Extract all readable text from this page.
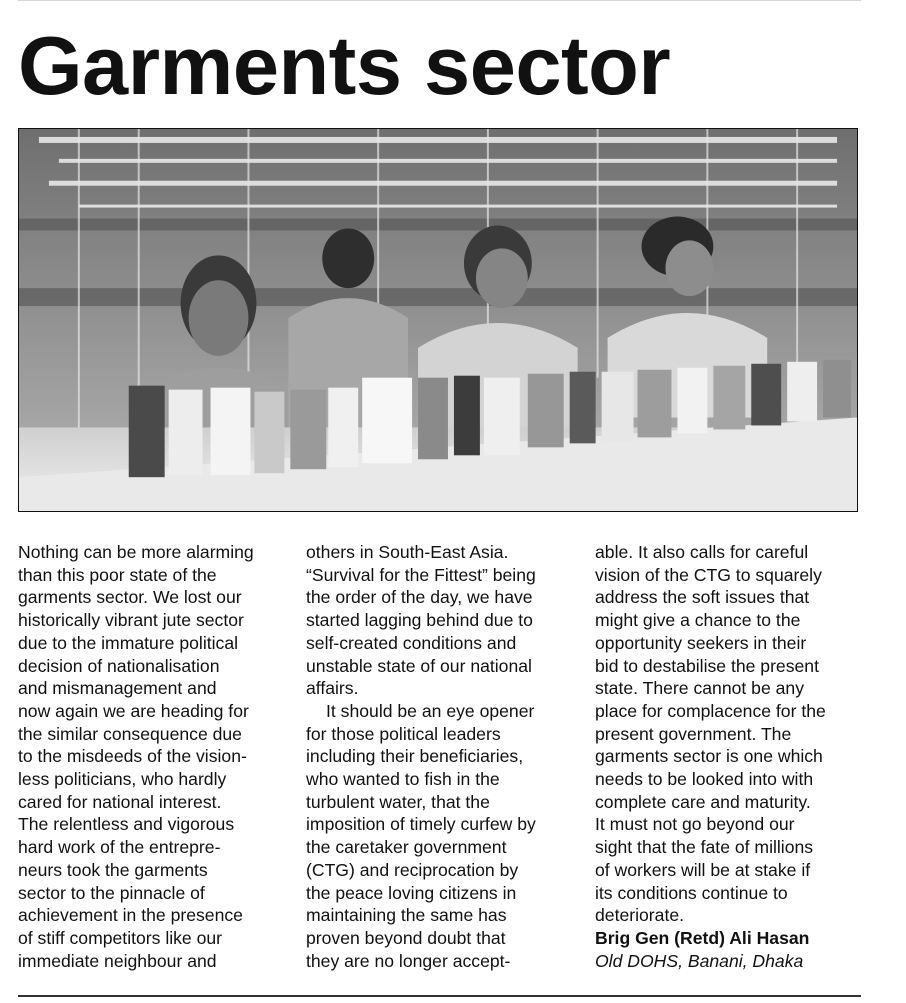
Garments sector

Nothing can be more alarming
than this poor state of the
garments sector. We lost our
historically vibrant jute sector
due to the immature political
decision of nationalisation
and mismanagement and
now again we are heading for
the similar consequence due
to the misdeeds of the vision-
less politicians, who hardly
cared for national interest.
The relentless and vigorous
hard work of the entrepre-
neurs took the garments
sector to the pinnacle of
achievement in the presence
of stiff competitors like our
immediate neighbour and

others in South-East Asia.
“Survival for the Fittest” being
the order of the day, we have
started lagging behind due to
self-created conditions and
unstable state of our national
affairs.

It should be an eye opener
for those political leaders
including their beneficiaries,
who wanted to fish in the
turbulent water, that the
imposition of timely curfew by
the caretaker government
(CTG) and reciprocation by
the peace loving citizens in
maintaining the same has
proven beyond doubt that
they are no longer accept-

able. It also calls for careful
vision of the CTG to squarely
address the soft issues that
might give a chance to the
opportunity seekers in their
bid to destabilise the present
state. There cannot be any
place for complacence for the
present government. The
garments sector is one which
needs to be looked into with
complete care and maturity.
It must not go beyond our
sight that the fate of millions
of workers will be at stake if
its conditions continue to
deteriorate.

Brig Gen (Retd) Ali Hasan
Old DOHS, Banani, Dhaka
